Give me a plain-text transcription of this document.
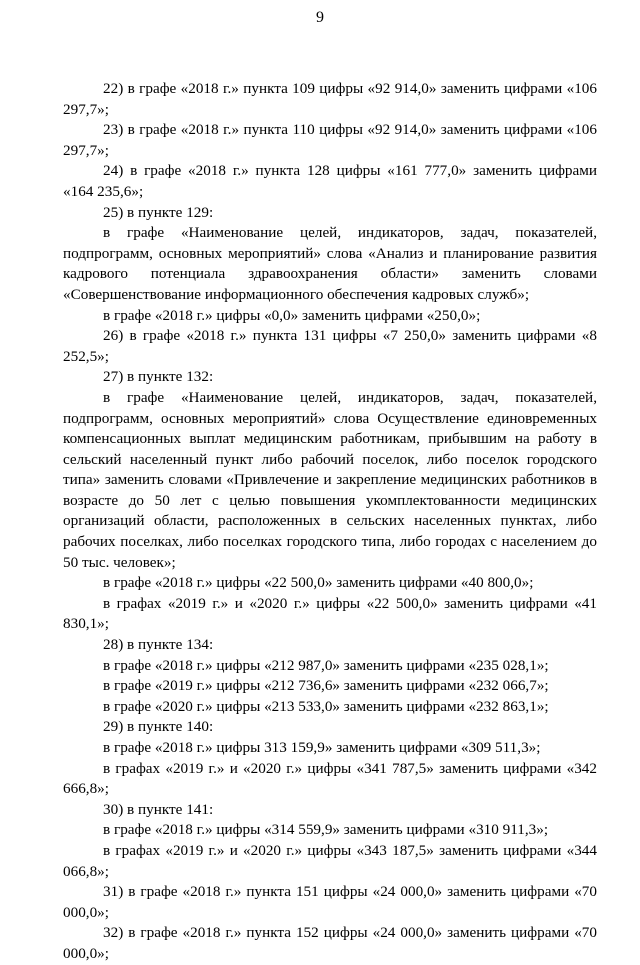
9

22) в графе «2018 г.» пункта 109 цифры «92 914,0» заменить цифрами «106 297,7»;

23) в графе «2018 г.» пункта 110 цифры «92 914,0» заменить цифрами «106 297,7»;

24) в графе «2018 г.» пункта 128 цифры «161 777,0» заменить цифрами «164 235,6»;

25) в пункте 129:

в графе «Наименование целей, индикаторов, задач, показателей, подпрограмм, основных мероприятий» слова «Анализ и планирование развития кадрового потенциала здравоохранения области» заменить словами «Совершенствование информационного обеспечения кадровых служб»;

в графе «2018 г.» цифры «0,0» заменить цифрами «250,0»;

26) в графе «2018 г.» пункта 131 цифры «7 250,0» заменить цифрами «8 252,5»;

27) в пункте 132:

в графе «Наименование целей, индикаторов, задач, показателей, подпрограмм, основных мероприятий» слова Осуществление единовременных компенсационных выплат медицинским работникам, прибывшим на работу в сельский населенный пункт либо рабочий поселок, либо поселок городского типа» заменить словами «Привлечение и закрепление медицинских работников в возрасте до 50 лет с целью повышения укомплектованности медицинских организаций области, расположенных в сельских населенных пунктах, либо рабочих поселках, либо поселках городского типа, либо городах с населением до 50 тыс. человек»;

в графе «2018 г.» цифры «22 500,0» заменить цифрами «40 800,0»;

в графах «2019 г.» и «2020 г.» цифры «22 500,0» заменить цифрами «41 830,1»;

28) в пункте 134:

в графе «2018 г.» цифры «212 987,0» заменить цифрами «235 028,1»;

в графе «2019 г.» цифры «212 736,6» заменить цифрами «232 066,7»;

в графе «2020 г.» цифры «213 533,0» заменить цифрами «232 863,1»;

29) в пункте 140:

в графе «2018 г.» цифры 313 159,9» заменить цифрами «309 511,3»;

в графах «2019 г.» и «2020 г.» цифры «341 787,5» заменить цифрами «342 666,8»;

30) в пункте 141:

в графе «2018 г.» цифры «314 559,9» заменить цифрами «310 911,3»;

в графах «2019 г.» и «2020 г.» цифры «343 187,5» заменить цифрами «344 066,8»;

31) в графе «2018 г.» пункта 151 цифры «24 000,0» заменить цифрами «70 000,0»;

32) в графе «2018 г.» пункта 152 цифры «24 000,0» заменить цифрами «70 000,0»;
